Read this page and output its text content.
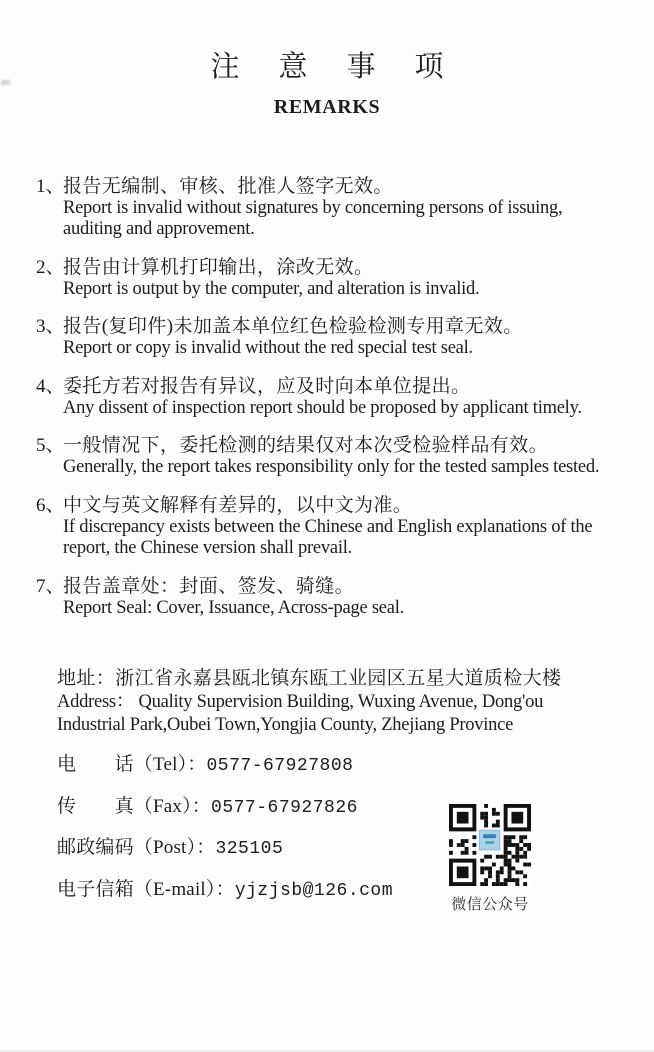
注意事项
REMARKS
1、
报告无编制、审核、批准人签字无效。
Report is invalid without signatures by concerning persons of issuing, auditing and approvement.
2、
报告由计算机打印输出，涂改无效。
Report is output by the computer, and alteration is invalid.
3、
报告(复印件)未加盖本单位红色检验检测专用章无效。
Report or copy is invalid without the red special test seal.
4、
委托方若对报告有异议，应及时向本单位提出。
Any dissent of inspection report should be proposed by applicant timely.
5、
一般情况下，委托检测的结果仅对本次受检验样品有效。
Generally, the report takes responsibility only for the tested samples tested.
6、
中文与英文解释有差异的，以中文为准。
If discrepancy exists between the Chinese and English explanations of the report, the Chinese version shall prevail.
7、
报告盖章处：封面、签发、骑缝。
Report Seal: Cover, Issuance, Across-page seal.
地址：浙江省永嘉县瓯北镇东瓯工业园区五星大道质检大楼
Address： Quality Supervision Building, Wuxing Avenue, Dong'ou Industrial Park,Oubei Town,Yongjia County, Zhejiang Province
电　　话（Tel）：0577-67927808
传　　真（Fax）：0577-67927826
邮政编码（Post）：325105
电子信箱（E-mail）：yjzjsb@126.com
微信公众号
